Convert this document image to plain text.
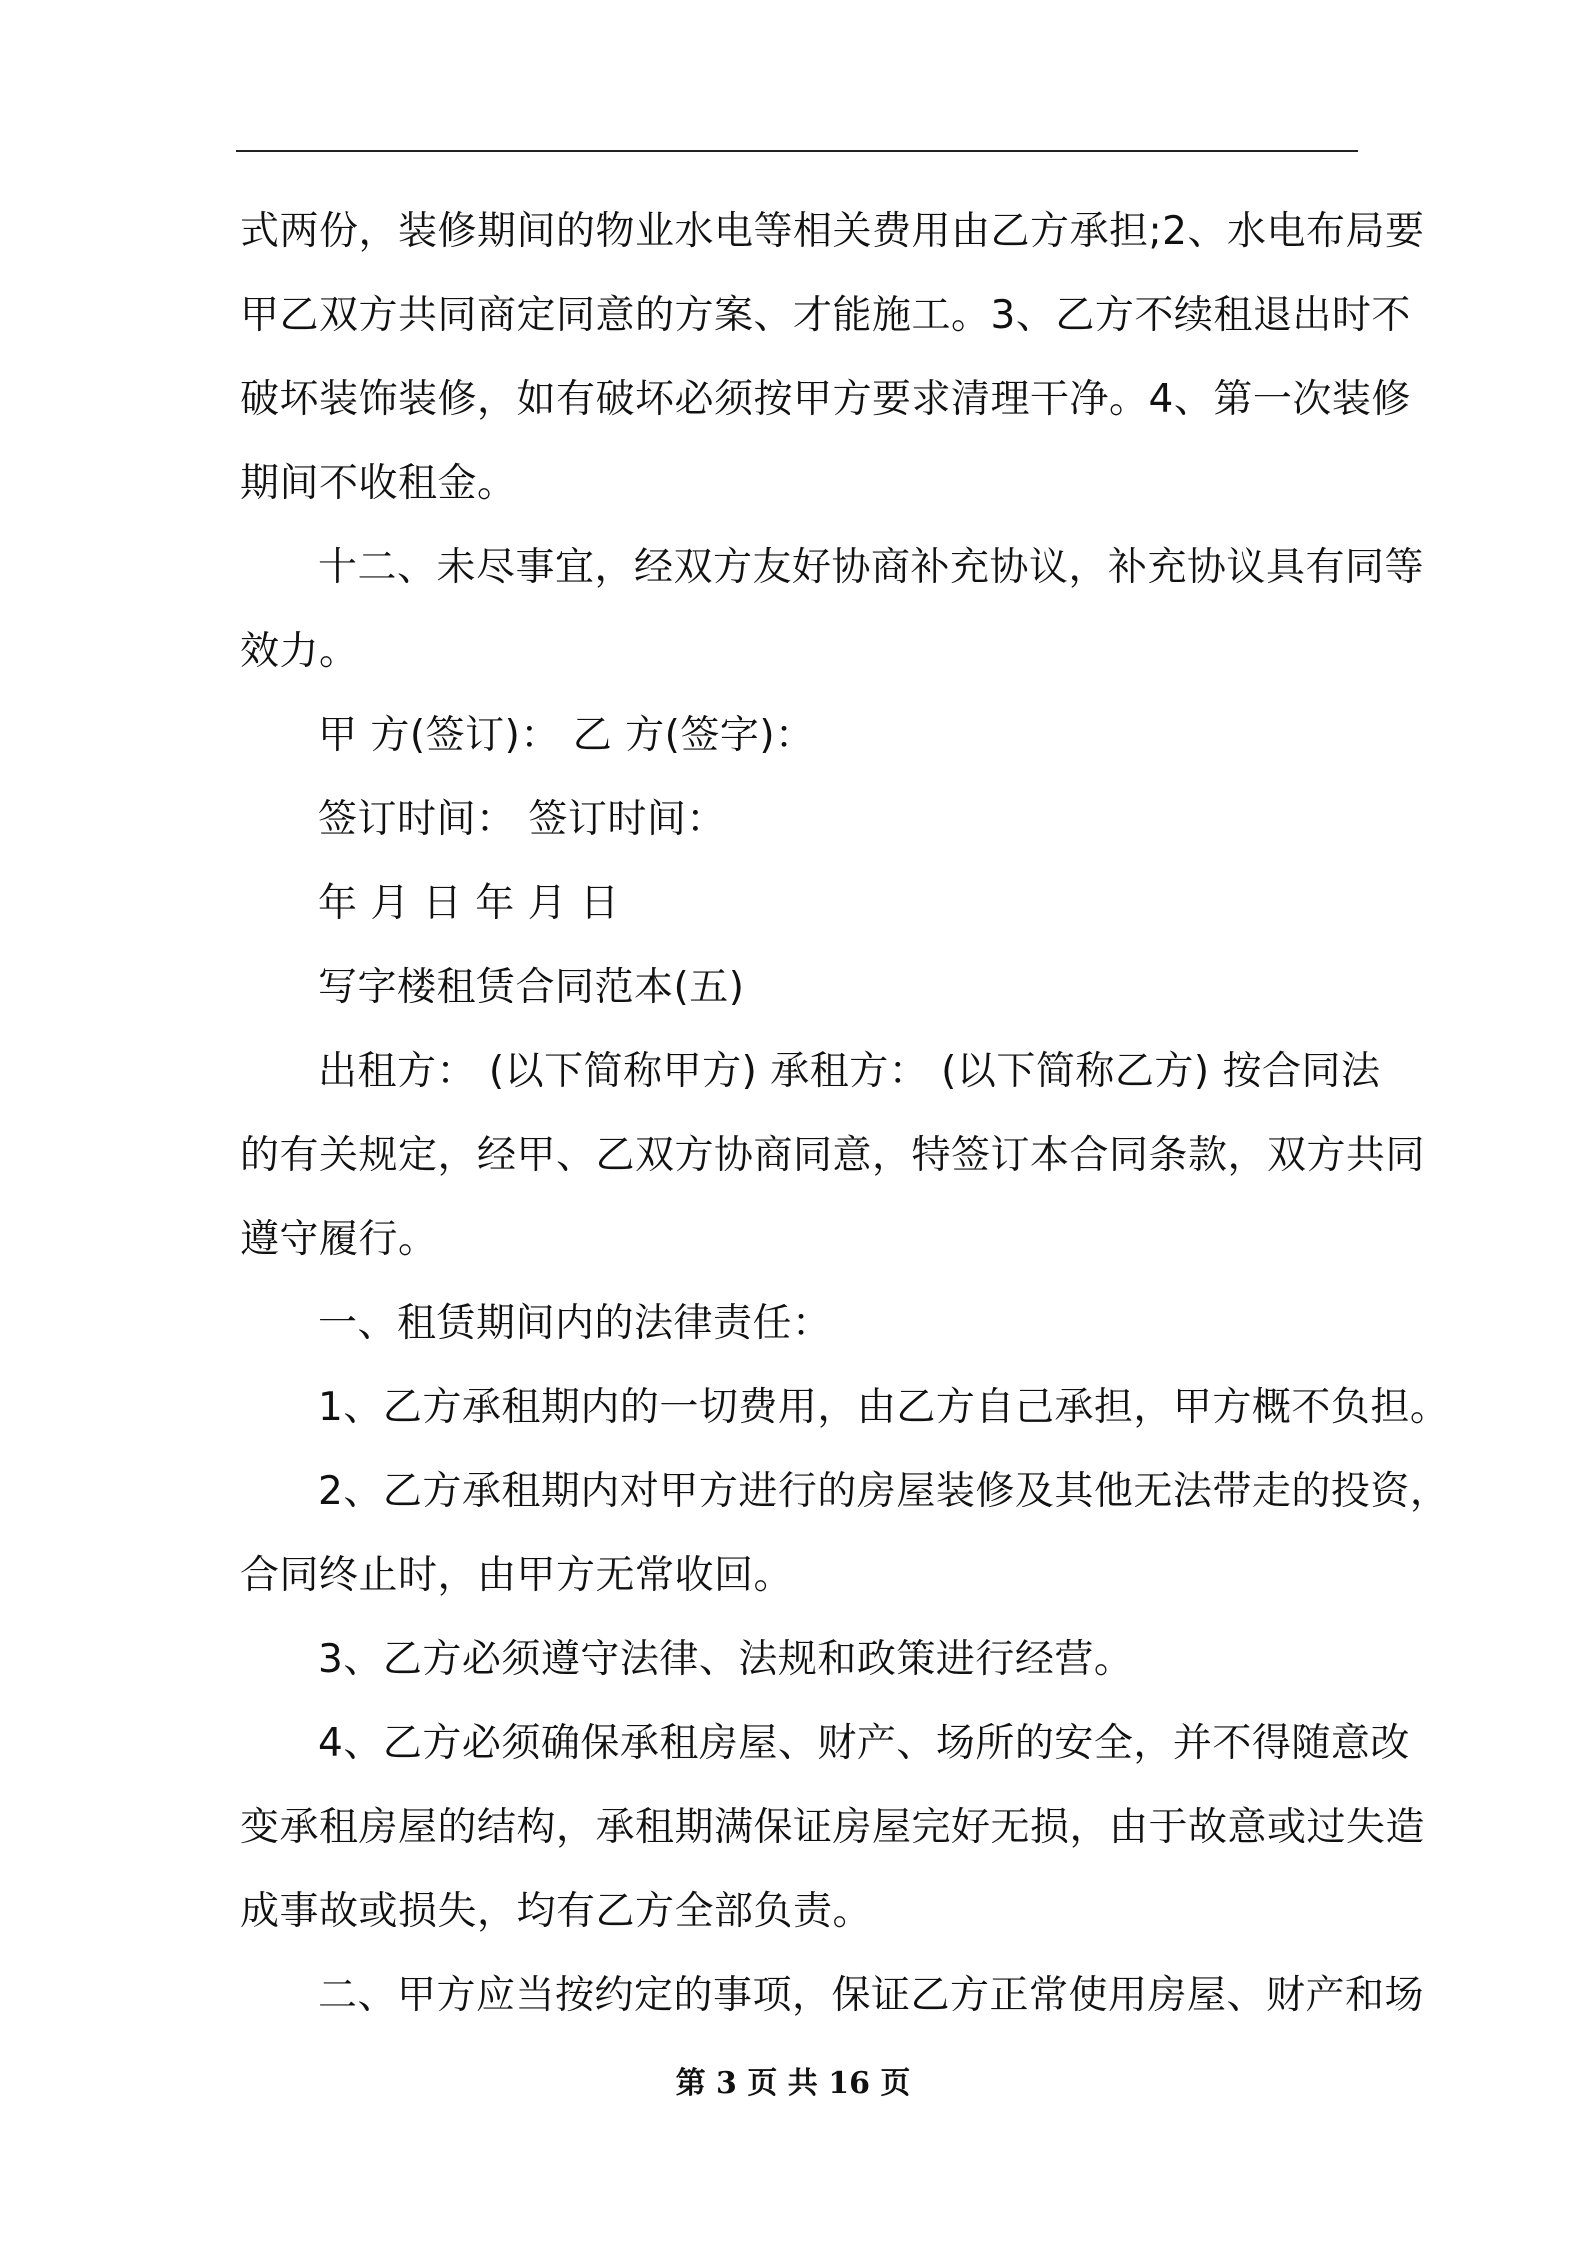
式两份，装修期间的物业水电等相关费用由乙方承担;2、水电布局要

甲乙双方共同商定同意的方案、才能施工。3、乙方不续租退出时不

破坏装饰装修，如有破坏必须按甲方要求清理干净。4、第一次装修

期间不收租金。

十二、未尽事宜，经双方友好协商补充协议，补充协议具有同等

效力。

甲 方(签订)： 乙 方(签字)：

签订时间： 签订时间：

年 月 日 年 月 日

写字楼租赁合同范本(五)

出租方： (以下简称甲方) 承租方： (以下简称乙方) 按合同法

的有关规定，经甲、乙双方协商同意，特签订本合同条款，双方共同

遵守履行。

一、租赁期间内的法律责任：

1、乙方承租期内的一切费用，由乙方自己承担，甲方概不负担。

2、乙方承租期内对甲方进行的房屋装修及其他无法带走的投资，

合同终止时，由甲方无常收回。

3、乙方必须遵守法律、法规和政策进行经营。

4、乙方必须确保承租房屋、财产、场所的安全，并不得随意改

变承租房屋的结构，承租期满保证房屋完好无损，由于故意或过失造

成事故或损失，均有乙方全部负责。

二、甲方应当按约定的事项，保证乙方正常使用房屋、财产和场

第 3 页 共 16 页
